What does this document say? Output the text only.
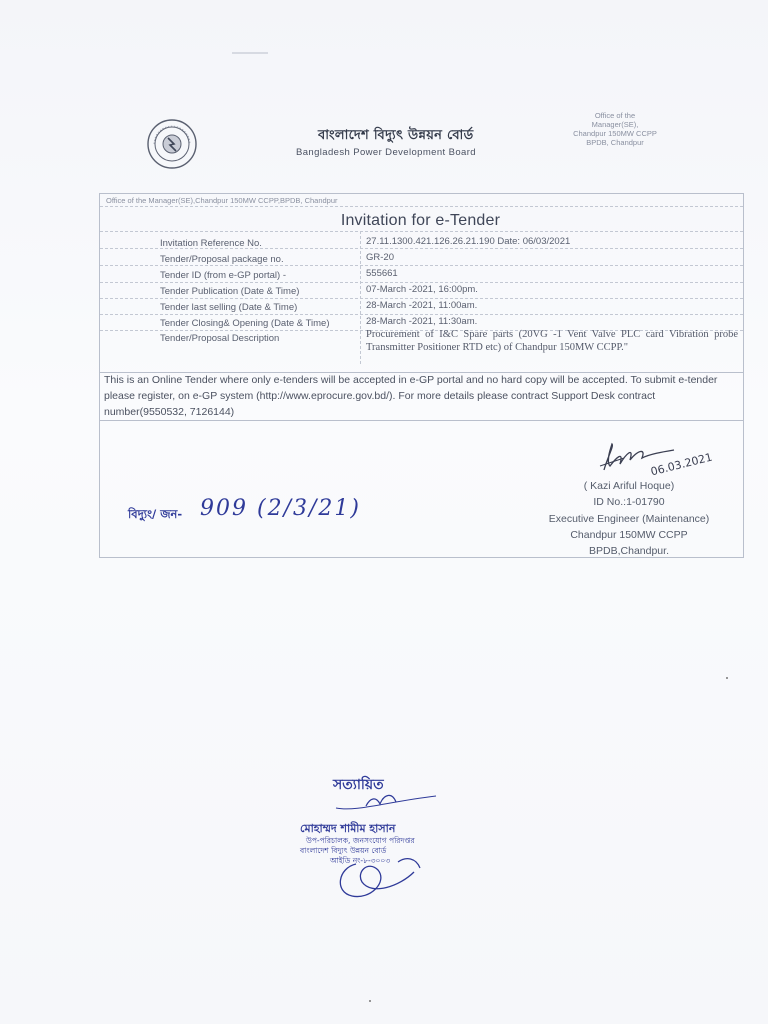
বাংলাদেশ বিদ্যুৎ উন্নয়ন বোর্ড
Bangladesh Power Development Board
Office of the
Manager(SE),
Chandpur 150MW CCPP
BPDB, Chandpur
Office of the Manager(SE),Chandpur 150MW CCPP,BPDB, Chandpur
Invitation for e-Tender
Invitation Reference No.	27.11.1300.421.126.26.21.190 Date: 06/03/2021
Tender/Proposal package no.	GR-20
Tender ID (from e-GP portal) -	555661
Tender Publication (Date & Time)	07-March -2021, 16:00pm.
Tender last selling (Date & Time)	28-March -2021, 11:00am.
Tender Closing& Opening (Date & Time)	28-March -2021, 11:30am.
Tender/Proposal Description	Procurement of I&C Spare parts (20VG -1 Vent Valve PLC card Vibration probe Transmitter Positioner RTD etc) of Chandpur 150MW CCPP."
This is an Online Tender where only e-tenders will be accepted in e-GP portal and no hard copy will be accepted. To submit e-tender please register, on e-GP system (http://www.eprocure.gov.bd/). For more details please contract Support Desk contract number(9550532, 7126144)
06.03.2021
( Kazi Ariful Hoque)
ID No.:1-01790
Executive Engineer (Maintenance)
Chandpur 150MW CCPP
BPDB,Chandpur.
বিদ্যুং/ জন- 909 (2/3/21)
সত্যায়িত
মোহাম্মদ শামীম হাসান
উপ-পরিচালক, জনসংযোগ পরিদপ্তর
বাংলাদেশ বিদ্যুৎ উন্নয়ন বোর্ড
আইডি নং-৮-৩০০৩
